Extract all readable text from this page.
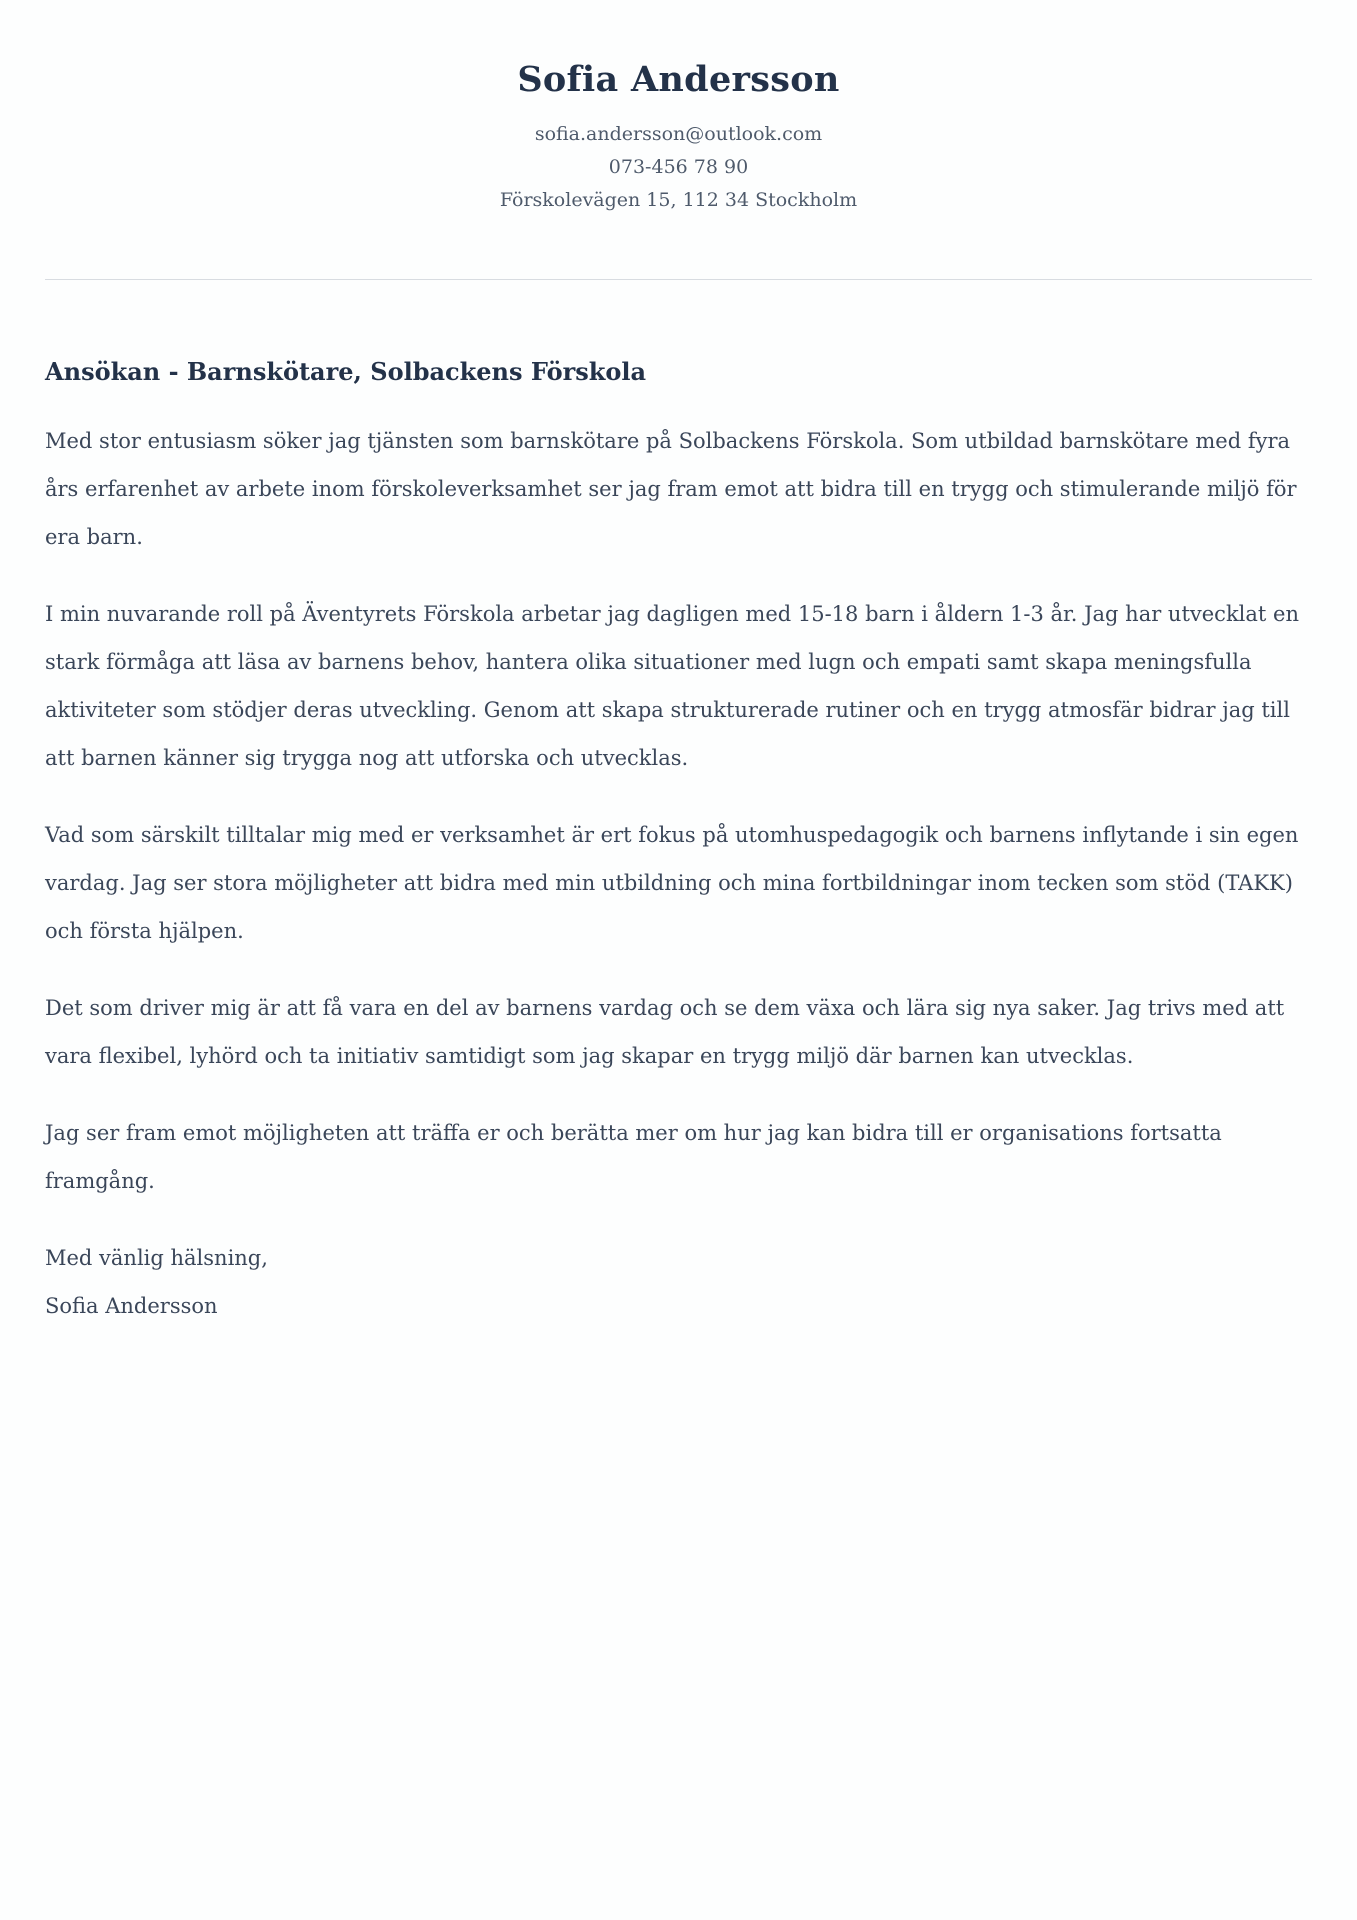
Sofia Andersson
sofia.andersson@outlook.com
073-456 78 90
Förskolevägen 15, 112 34 Stockholm
Ansökan - Barnskötare, Solbackens Förskola

Med stor entusiasm söker jag tjänsten som barnskötare på Solbackens Förskola. Som utbildad barnskötare med fyra års erfarenhet av arbete inom förskoleverksamhet ser jag fram emot att bidra till en trygg och stimulerande miljö för era barn.

I min nuvarande roll på Äventyrets Förskola arbetar jag dagligen med 15-18 barn i åldern 1-3 år. Jag har utvecklat en stark förmåga att läsa av barnens behov, hantera olika situationer med lugn och empati samt skapa meningsfulla aktiviteter som stödjer deras utveckling. Genom att skapa strukturerade rutiner och en trygg atmosfär bidrar jag till att barnen känner sig trygga nog att utforska och utvecklas.

Vad som särskilt tilltalar mig med er verksamhet är ert fokus på utomhuspedagogik och barnens inflytande i sin egen vardag. Jag ser stora möjligheter att bidra med min utbildning och mina fortbildningar inom tecken som stöd (TAKK) och första hjälpen.

Det som driver mig är att få vara en del av barnens vardag och se dem växa och lära sig nya saker. Jag trivs med att vara flexibel, lyhörd och ta initiativ samtidigt som jag skapar en trygg miljö där barnen kan utvecklas.

Jag ser fram emot möjligheten att träffa er och berätta mer om hur jag kan bidra till er organisations fortsatta framgång.

Med vänlig hälsning,
Sofia Andersson
